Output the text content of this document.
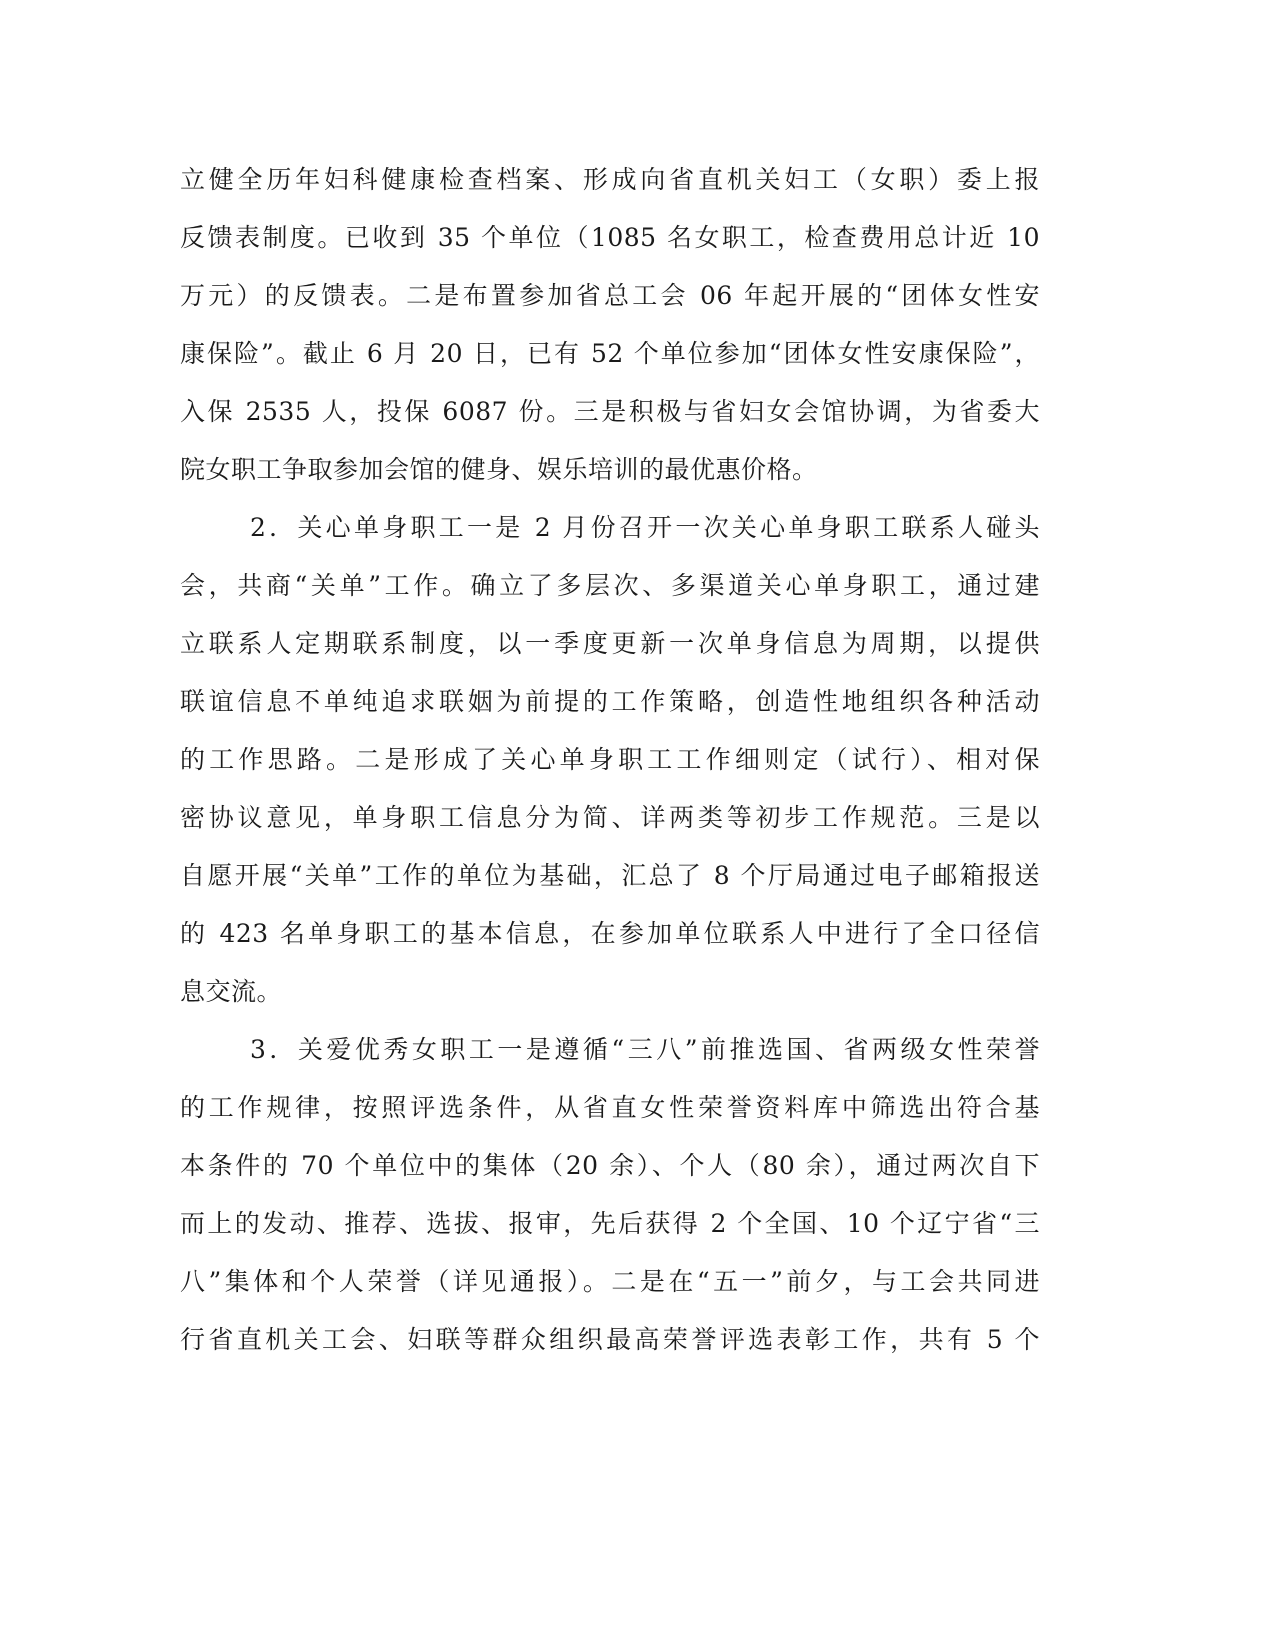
立健全历年妇科健康检查档案、形成向省直机关妇工（女职）委上报
反馈表制度。已收到 35 个单位（1085 名女职工，检查费用总计近 10
万元）的反馈表。二是布置参加省总工会 06 年起开展的“团体女性安
康保险”。截止 6 月 20 日，已有 52 个单位参加“团体女性安康保险”，
入保 2535 人，投保 6087 份。三是积极与省妇女会馆协调，为省委大
院女职工争取参加会馆的健身、娱乐培训的最优惠价格。
2．关心单身职工一是 2 月份召开一次关心单身职工联系人碰头
会，共商“关单”工作。确立了多层次、多渠道关心单身职工，通过建
立联系人定期联系制度，以一季度更新一次单身信息为周期，以提供
联谊信息不单纯追求联姻为前提的工作策略，创造性地组织各种活动
的工作思路。二是形成了关心单身职工工作细则定（试行）、相对保
密协议意见，单身职工信息分为简、详两类等初步工作规范。三是以
自愿开展“关单”工作的单位为基础，汇总了 8 个厅局通过电子邮箱报送
的 423 名单身职工的基本信息，在参加单位联系人中进行了全口径信
息交流。
3．关爱优秀女职工一是遵循“三八”前推选国、省两级女性荣誉
的工作规律，按照评选条件，从省直女性荣誉资料库中筛选出符合基
本条件的 70 个单位中的集体（20 余）、个人（80 余），通过两次自下
而上的发动、推荐、选拔、报审，先后获得 2 个全国、10 个辽宁省“三
八”集体和个人荣誉（详见通报）。二是在“五一”前夕，与工会共同进
行省直机关工会、妇联等群众组织最高荣誉评选表彰工作，共有 5 个
